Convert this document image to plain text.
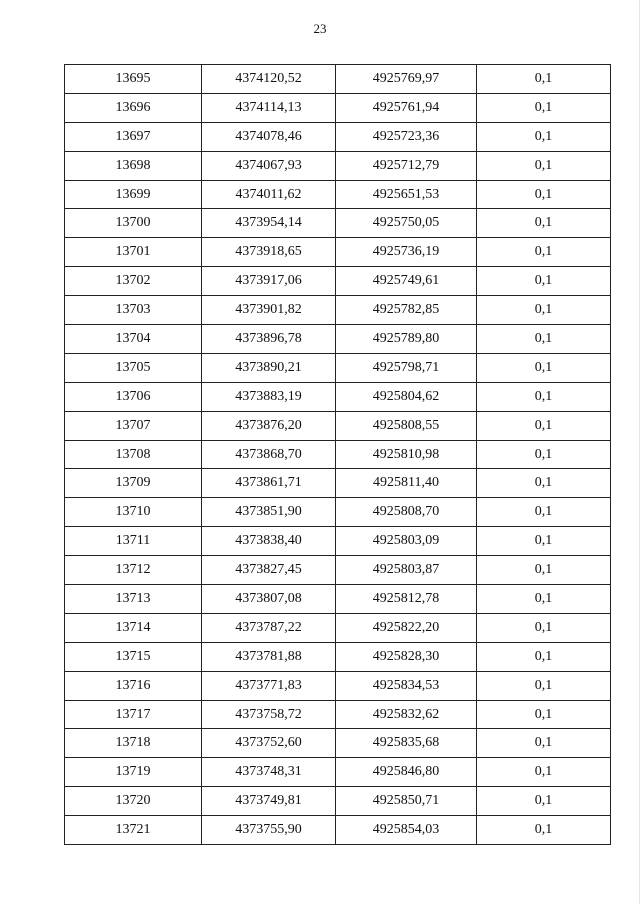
23
13695	4374120,52	4925769,97	0,1
13696	4374114,13	4925761,94	0,1
13697	4374078,46	4925723,36	0,1
13698	4374067,93	4925712,79	0,1
13699	4374011,62	4925651,53	0,1
13700	4373954,14	4925750,05	0,1
13701	4373918,65	4925736,19	0,1
13702	4373917,06	4925749,61	0,1
13703	4373901,82	4925782,85	0,1
13704	4373896,78	4925789,80	0,1
13705	4373890,21	4925798,71	0,1
13706	4373883,19	4925804,62	0,1
13707	4373876,20	4925808,55	0,1
13708	4373868,70	4925810,98	0,1
13709	4373861,71	4925811,40	0,1
13710	4373851,90	4925808,70	0,1
13711	4373838,40	4925803,09	0,1
13712	4373827,45	4925803,87	0,1
13713	4373807,08	4925812,78	0,1
13714	4373787,22	4925822,20	0,1
13715	4373781,88	4925828,30	0,1
13716	4373771,83	4925834,53	0,1
13717	4373758,72	4925832,62	0,1
13718	4373752,60	4925835,68	0,1
13719	4373748,31	4925846,80	0,1
13720	4373749,81	4925850,71	0,1
13721	4373755,90	4925854,03	0,1
